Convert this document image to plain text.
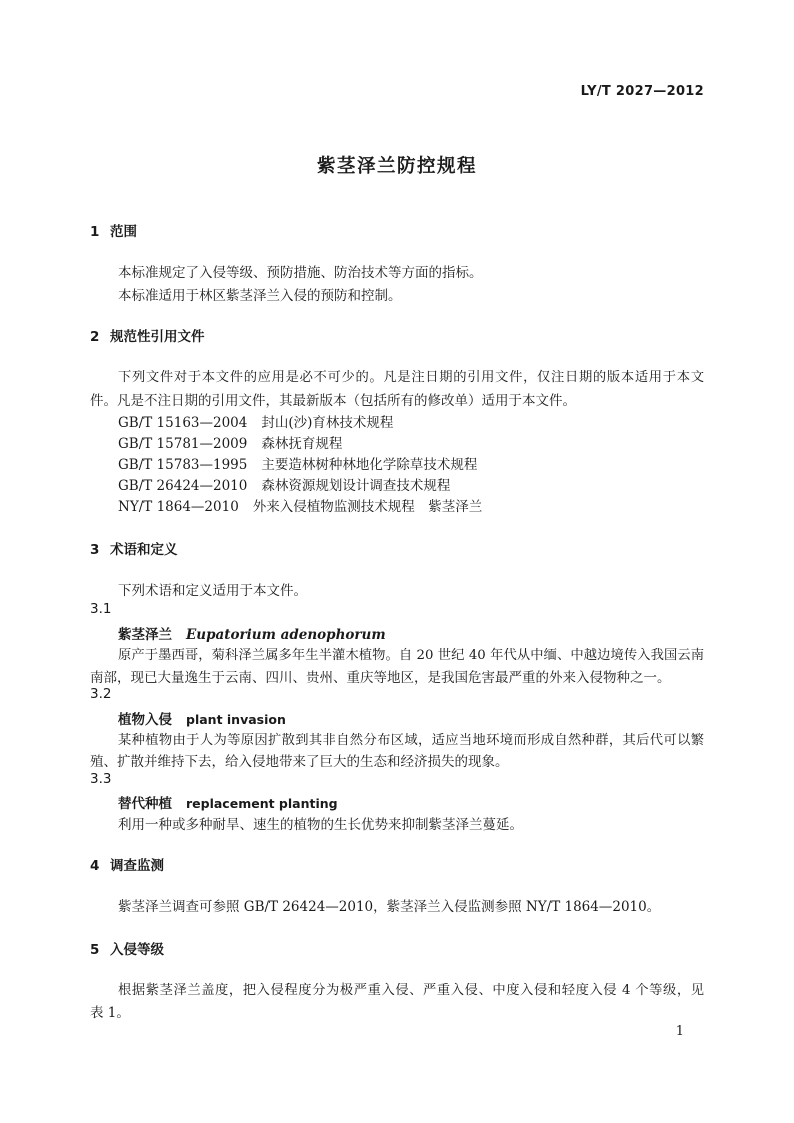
LY/T 2027—2012
紫茎泽兰防控规程
1 范围
本标准规定了入侵等级、预防措施、防治技术等方面的指标。
本标准适用于林区紫茎泽兰入侵的预防和控制。
2 规范性引用文件
下列文件对于本文件的应用是必不可少的。凡是注日期的引用文件，仅注日期的版本适用于本文
件。凡是不注日期的引用文件，其最新版本（包括所有的修改单）适用于本文件。
GB/T 15163—2004 封山(沙)育林技术规程
GB/T 15781—2009 森林抚育规程
GB/T 15783—1995 主要造林树种林地化学除草技术规程
GB/T 26424—2010 森林资源规划设计调查技术规程
NY/T 1864—2010 外来入侵植物监测技术规程　紫茎泽兰
3 术语和定义
下列术语和定义适用于本文件。
3.1
紫茎泽兰 Eupatorium adenophorum
原产于墨西哥，菊科泽兰属多年生半灌木植物。自 20 世纪 40 年代从中缅、中越边境传入我国云南
南部，现已大量逸生于云南、四川、贵州、重庆等地区，是我国危害最严重的外来入侵物种之一。
3.2
植物入侵 plant invasion
某种植物由于人为等原因扩散到其非自然分布区域，适应当地环境而形成自然种群，其后代可以繁
殖、扩散并维持下去，给入侵地带来了巨大的生态和经济损失的现象。
3.3
替代种植 replacement planting
利用一种或多种耐旱、速生的植物的生长优势来抑制紫茎泽兰蔓延。
4 调查监测
紫茎泽兰调查可参照 GB/T 26424—2010，紫茎泽兰入侵监测参照 NY/T 1864—2010。
5 入侵等级
根据紫茎泽兰盖度，把入侵程度分为极严重入侵、严重入侵、中度入侵和轻度入侵 4 个等级，见
表 1。
1
